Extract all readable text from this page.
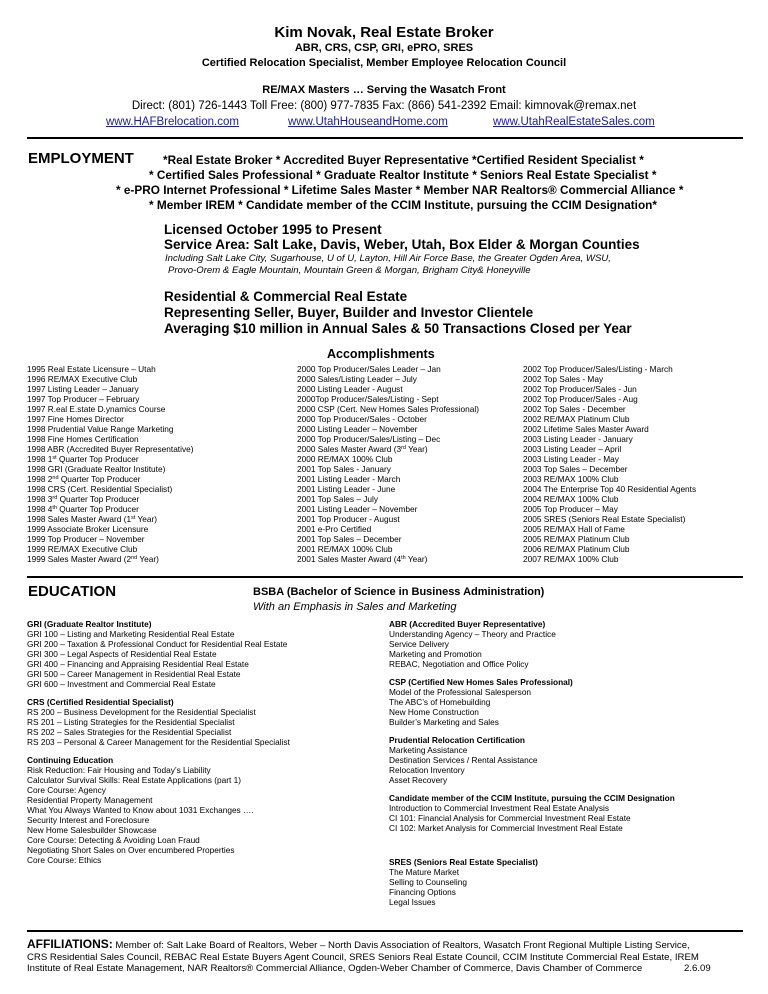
Kim Novak, Real Estate Broker
ABR, CRS, CSP, GRI, ePRO, SRES
Certified Relocation Specialist, Member Employee Relocation Council
RE/MAX Masters … Serving the Wasatch Front
Direct: (801) 726-1443 Toll Free: (800) 977-7835 Fax: (866) 541-2392 Email: kimnovak@remax.net
www.HAFBrelocation.com	www.UtahHouseandHome.com	www.UtahRealEstateSales.com
EMPLOYMENT *Real Estate Broker * Accredited Buyer Representative *Certified Resident Specialist *
* Certified Sales Professional * Graduate Realtor Institute * Seniors Real Estate Specialist *
* e-PRO Internet Professional * Lifetime Sales Master * Member NAR Realtors® Commercial Alliance *
* Member IREM * Candidate member of the CCIM Institute, pursuing the CCIM Designation*
Licensed October 1995 to Present
Service Area: Salt Lake, Davis, Weber, Utah, Box Elder & Morgan Counties
Including Salt Lake City, Sugarhouse, U of U, Layton, Hill Air Force Base, the Greater Ogden Area, WSU,
Provo-Orem & Eagle Mountain, Mountain Green & Morgan, Brigham City& Honeyville
Residential & Commercial Real Estate
Representing Seller, Buyer, Builder and Investor Clientele
Averaging $10 million in Annual Sales & 50 Transactions Closed per Year
Accomplishments
1995 Real Estate Licensure – Utah
1996 RE/MAX Executive Club
1997 Listing Leader – January
1997 Top Producer – February
1997 R.eal E.state D.ynamics Course
1997 Fine Homes Director
1998 Prudential Value Range Marketing
1998 Fine Homes Certification
1998 ABR (Accredited Buyer Representative)
1998 1st Quarter Top Producer
1998 GRI (Graduate Realtor Institute)
1998 2nd Quarter Top Producer
1998 CRS (Cert. Residential Specialist)
1998 3rd Quarter Top Producer
1998 4th Quarter Top Producer
1998 Sales Master Award (1st Year)
1999 Associate Broker Licensure
1999 Top Producer – November
1999 RE/MAX Executive Club
1999 Sales Master Award (2nd Year)
2000 Top Producer/Sales Leader – Jan
2000 Sales/Listing Leader – July
2000 Listing Leader - August
2000Top Producer/Sales/Listing - Sept
2000 CSP (Cert. New Homes Sales Professional)
2000 Top Producer/Sales - October
2000 Listing Leader – November
2000 Top Producer/Sales/Listing – Dec
2000 Sales Master Award (3rd Year)
2000 RE/MAX 100% Club
2001 Top Sales - January
2001 Listing Leader - March
2001 Listing Leader - June
2001 Top Sales – July
2001 Listing Leader – November
2001 Top Producer - August
2001 e-Pro Certified
2001 Top Sales – December
2001 RE/MAX 100% Club
2001 Sales Master Award (4th Year)
2002 Top Producer/Sales/Listing - March
2002 Top Sales - May
2002 Top Producer/Sales - Jun
2002 Top Producer/Sales - Aug
2002 Top Sales - December
2002 RE/MAX Platinum Club
2002 Lifetime Sales Master Award
2003 Listing Leader - January
2003 Listing Leader – April
2003 Listing Leader - May
2003 Top Sales – December
2003 RE/MAX 100% Club
2004 The Enterprise Top 40 Residential Agents
2004 RE/MAX 100% Club
2005 Top Producer – May
2005 SRES (Seniors Real Estate Specialist)
2005 RE/MAX Hall of Fame
2005 RE/MAX Platinum Club
2006 RE/MAX Platinum Club
2007 RE/MAX 100% Club
EDUCATION	BSBA (Bachelor of Science in Business Administration)
With an Emphasis in Sales and Marketing
GRI (Graduate Realtor Institute)
GRI 100 – Listing and Marketing Residential Real Estate
GRI 200 – Taxation & Professional Conduct for Residential Real Estate
GRI 300 – Legal Aspects of Residential Real Estate
GRI 400 – Financing and Appraising Residential Real Estate
GRI 500 – Career Management in Residential Real Estate
GRI 600 – Investment and Commercial Real Estate
CRS (Certified Residential Specialist)
RS 200 – Business Development for the Residential Specialist
RS 201 – Listing Strategies for the Residential Specialist
RS 202 – Sales Strategies for the Residential Specialist
RS 203 – Personal & Career Management for the Residential Specialist
Continuing Education
Risk Reduction: Fair Housing and Today’s Liability
Calculator Survival Skills: Real Estate Applications (part 1)
Core Course: Agency
Residential Property Management
What You Always Wanted to Know about 1031 Exchanges ….
Security Interest and Foreclosure
New Home Salesbuilder Showcase
Core Course: Detecting & Avoiding Loan Fraud
Negotiating Short Sales on Over encumbered Properties
Core Course: Ethics
ABR (Accredited Buyer Representative)
Understanding Agency – Theory and Practice
Service Delivery
Marketing and Promotion
REBAC, Negotiation and Office Policy
CSP (Certified New Homes Sales Professional)
Model of the Professional Salesperson
The ABC’s of Homebuilding
New Home Construction
Builder’s Marketing and Sales
Prudential Relocation Certification
Marketing Assistance
Destination Services / Rental Assistance
Relocation Inventory
Asset Recovery
Candidate member of the CCIM Institute, pursuing the CCIM Designation
Introduction to Commercial Investment Real Estate Analysis
CI 101: Financial Analysis for Commercial Investment Real Estate
CI 102: Market Analysis for Commercial Investment Real Estate
SRES (Seniors Real Estate Specialist)
The Mature Market
Selling to Counseling
Financing Options
Legal Issues
AFFILIATIONS: Member of: Salt Lake Board of Realtors, Weber – North Davis Association of Realtors, Wasatch Front Regional Multiple Listing Service,
CRS Residential Sales Council, REBAC Real Estate Buyers Agent Council, SRES Seniors Real Estate Council, CCIM Institute Commercial Real Estate, IREM
Institute of Real Estate Management, NAR Realtors® Commercial Alliance, Ogden-Weber Chamber of Commerce, Davis Chamber of Commerce	2.6.09
